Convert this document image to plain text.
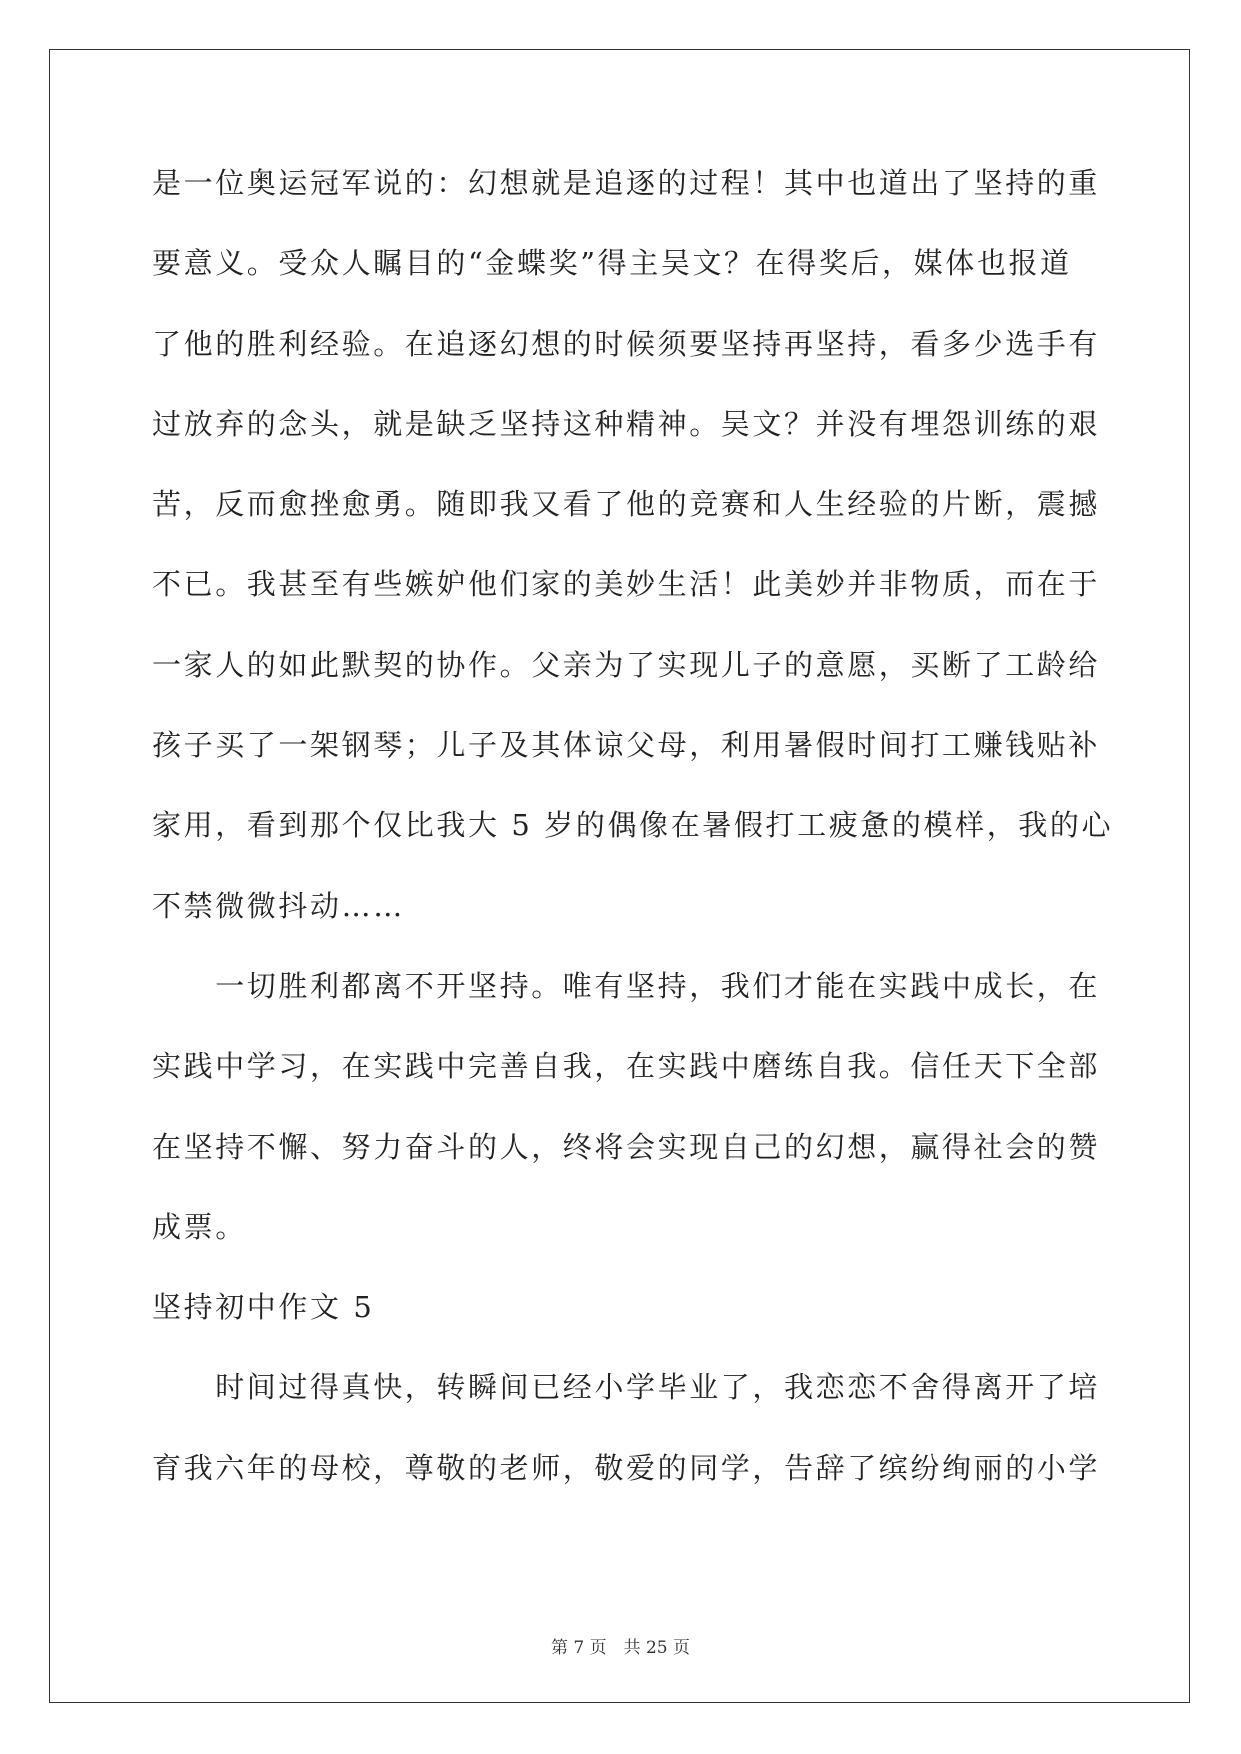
是一位奥运冠军说的：幻想就是追逐的过程！其中也道出了坚持的重
要意义。受众人瞩目的“金蝶奖”得主吴文？在得奖后，媒体也报道
了他的胜利经验。在追逐幻想的时候须要坚持再坚持，看多少选手有
过放弃的念头，就是缺乏坚持这种精神。吴文？并没有埋怨训练的艰
苦，反而愈挫愈勇。随即我又看了他的竞赛和人生经验的片断，震撼
不已。我甚至有些嫉妒他们家的美妙生活！此美妙并非物质，而在于
一家人的如此默契的协作。父亲为了实现儿子的意愿，买断了工龄给
孩子买了一架钢琴；儿子及其体谅父母，利用暑假时间打工赚钱贴补
家用，看到那个仅比我大 5 岁的偶像在暑假打工疲惫的模样，我的心
不禁微微抖动……
　　一切胜利都离不开坚持。唯有坚持，我们才能在实践中成长，在
实践中学习，在实践中完善自我，在实践中磨练自我。信任天下全部
在坚持不懈、努力奋斗的人，终将会实现自己的幻想，赢得社会的赞
成票。
坚持初中作文 5
　　时间过得真快，转瞬间已经小学毕业了，我恋恋不舍得离开了培
育我六年的母校，尊敬的老师，敬爱的同学，告辞了缤纷绚丽的小学
第 7 页　共 25 页
